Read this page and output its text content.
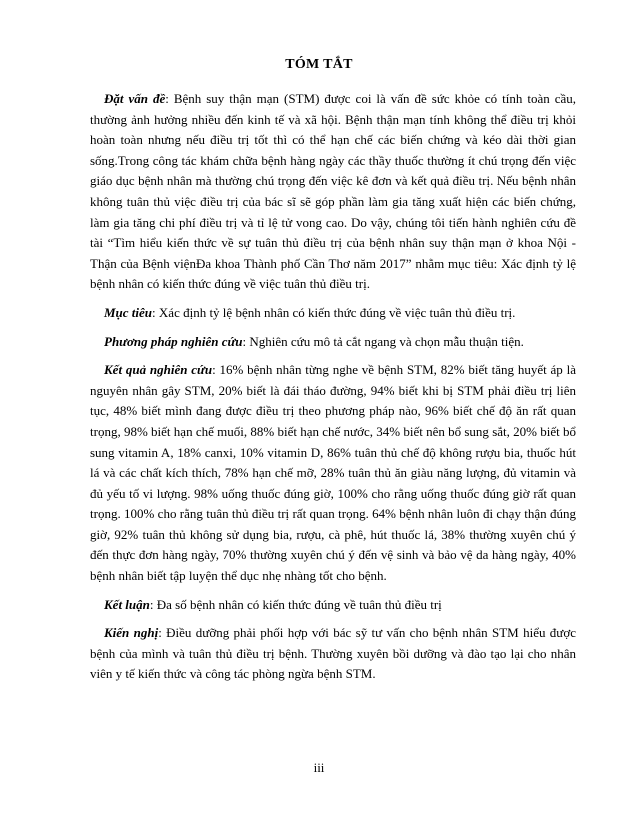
TÓM TẮT

Đặt vấn đề: Bệnh suy thận mạn (STM) được coi là vấn đề sức khỏe có tính toàn cầu, thường ảnh hưởng nhiều đến kinh tế và xã hội. Bệnh thận mạn tính không thể điều trị khỏi hoàn toàn nhưng nếu điều trị tốt thì có thể hạn chế các biến chứng và kéo dài thời gian sống.Trong công tác khám chữa bệnh hàng ngày các thầy thuốc thường ít chú trọng đến việc giáo dục bệnh nhân mà thường chú trọng đến việc kê đơn và kết quả điều trị. Nếu bệnh nhân không tuân thủ việc điều trị của bác sĩ sẽ góp phần làm gia tăng xuất hiện các biến chứng, làm gia tăng chi phí điều trị và tỉ lệ tử vong cao. Do vậy, chúng tôi tiến hành nghiên cứu đề tài “Tìm hiểu kiến thức về sự tuân thủ điều trị của bệnh nhân suy thận mạn ở khoa Nội - Thận của Bệnh việnĐa khoa Thành phố Cần Thơ năm 2017” nhằm mục tiêu: Xác định tỷ lệ bệnh nhân có kiến thức đúng về việc tuân thủ điều trị.

Mục tiêu: Xác định tỷ lệ bệnh nhân có kiến thức đúng về việc tuân thủ điều trị.

Phương pháp nghiên cứu: Nghiên cứu mô tả cắt ngang và chọn mẫu thuận tiện.

Kết quả nghiên cứu: 16% bệnh nhân từng nghe về bệnh STM, 82% biết tăng huyết áp là nguyên nhân gây STM, 20% biết là đái tháo đường, 94% biết khi bị STM phải điều trị liên tục, 48% biết mình đang được điều trị theo phương pháp nào, 96% biết chế độ ăn rất quan trọng, 98% biết hạn chế muối, 88% biết hạn chế nước, 34% biết nên bổ sung sắt, 20% biết bổ sung vitamin A, 18% canxi, 10% vitamin D, 86% tuân thủ chế độ không rượu bia, thuốc hút lá và các chất kích thích, 78% hạn chế mỡ, 28% tuân thủ ăn giàu năng lượng, đủ vitamin và đủ yếu tố vi lượng. 98% uống thuốc đúng giờ, 100% cho rằng uống thuốc đúng giờ rất quan trọng. 100% cho rằng tuân thủ điều trị rất quan trọng. 64% bệnh nhân luôn đi chạy thận đúng giờ, 92% tuân thủ không sử dụng bia, rượu, cà phê, hút thuốc lá, 38% thường xuyên chú ý đến thực đơn hàng ngày, 70% thường xuyên chú ý đến vệ sinh và bảo vệ da hàng ngày, 40% bệnh nhân biết tập luyện thể dục nhẹ nhàng tốt cho bệnh.

Kết luận: Đa số bệnh nhân có kiến thức đúng về tuân thủ điều trị

Kiến nghị: Điều dưỡng phải phối hợp với bác sỹ tư vấn cho bệnh nhân STM hiểu được bệnh của mình và tuân thủ điều trị bệnh. Thường xuyên bồi dưỡng và đào tạo lại cho nhân viên y tế kiến thức và công tác phòng ngừa bệnh STM.

iii
